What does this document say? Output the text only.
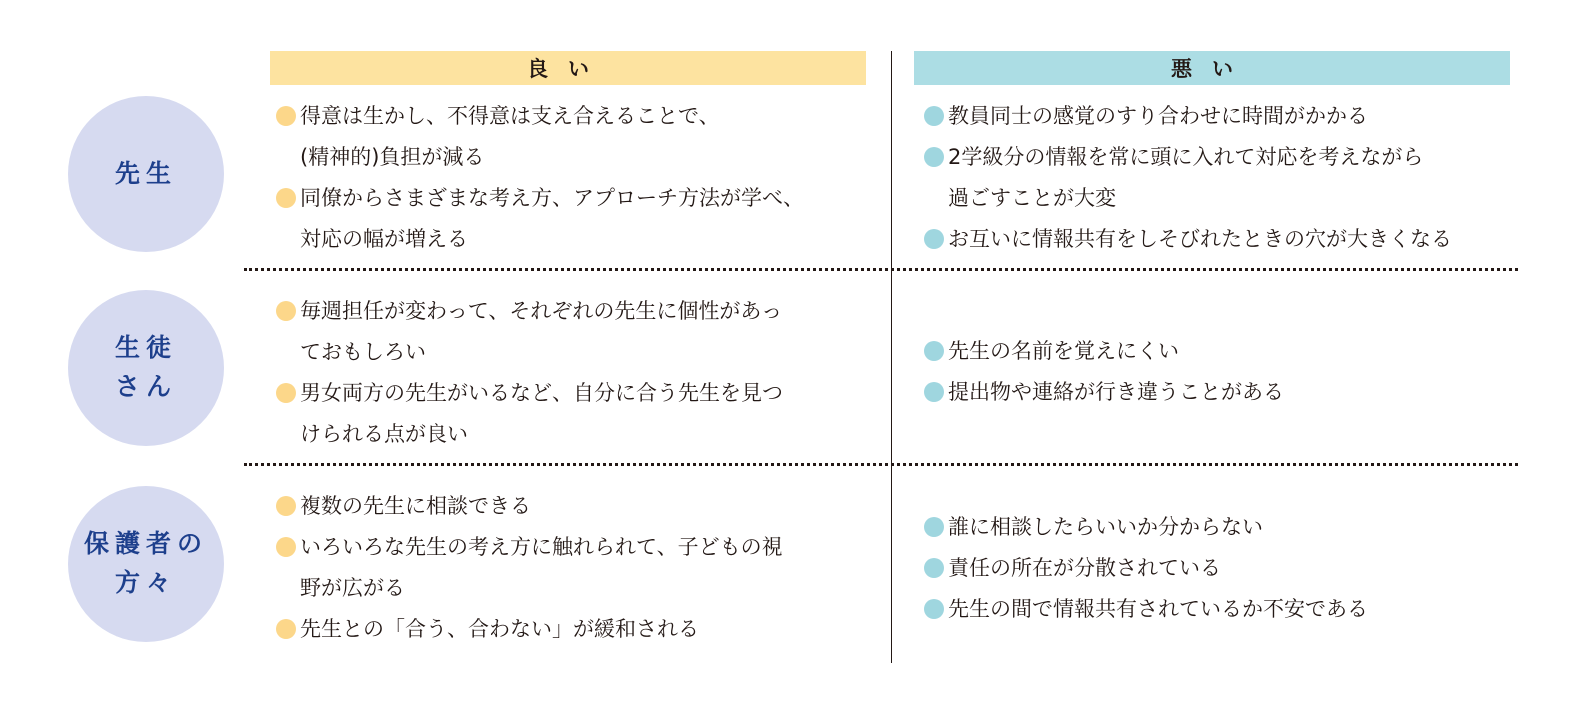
良い	悪い
先生
得意は生かし、不得意は支え合えることで、
(精神的)負担が減る
同僚からさまざまな考え方、アプローチ方法が学べ、
対応の幅が増える
教員同士の感覚のすり合わせに時間がかかる
2学級分の情報を常に頭に入れて対応を考えながら
過ごすことが大変
お互いに情報共有をしそびれたときの穴が大きくなる
生徒
さん
毎週担任が変わって、それぞれの先生に個性があっ
ておもしろい
男女両方の先生がいるなど、自分に合う先生を見つ
けられる点が良い
先生の名前を覚えにくい
提出物や連絡が行き違うことがある
保護者の
方々
複数の先生に相談できる
いろいろな先生の考え方に触れられて、子どもの視
野が広がる
先生との「合う、合わない」が緩和される
誰に相談したらいいか分からない
責任の所在が分散されている
先生の間で情報共有されているか不安である
